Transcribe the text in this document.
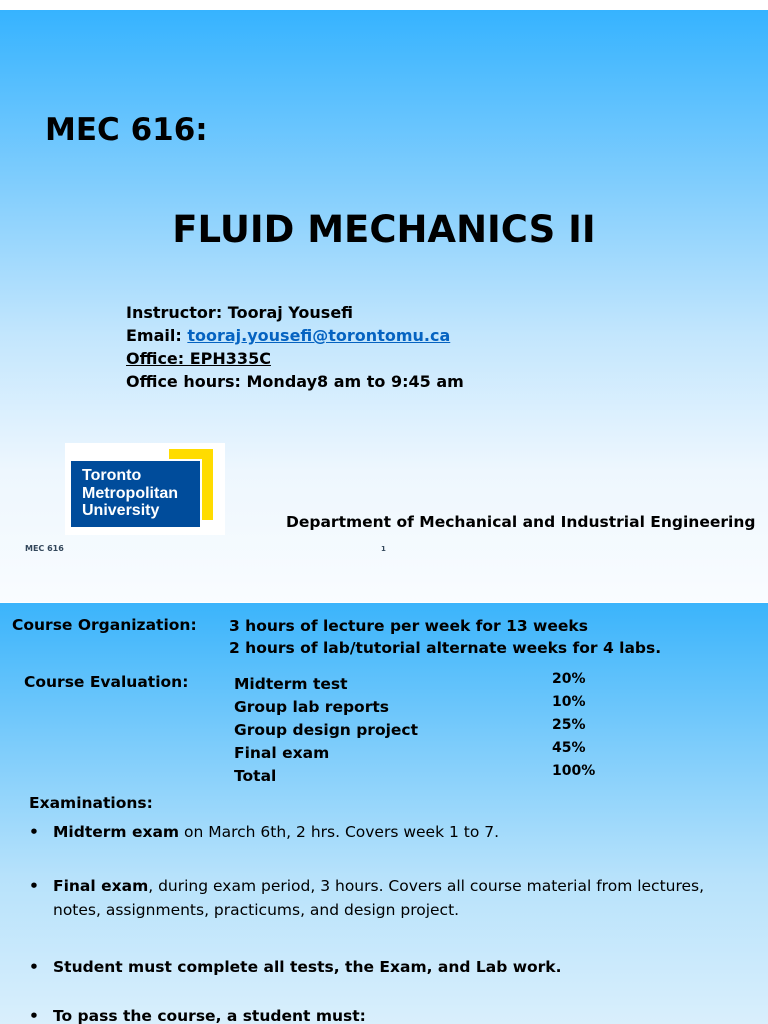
MEC 616:
FLUID MECHANICS II
Instructor: Tooraj Yousefi
Email: tooraj.yousefi@torontomu.ca
Office: EPH335C
Office hours: Monday8 am to 9:45 am
Toronto
Metropolitan
University
Department of Mechanical and Industrial Engineering
MEC 616	1
Course Organization: 3 hours of lecture per week for 13 weeks
2 hours of lab/tutorial alternate weeks for 4 labs.
Course Evaluation:	Midterm test	20%
Group lab reports	10%
Group design project	25%
Final exam	45%
Total	100%
Examinations:
• Midterm exam on March 6th, 2 hrs. Covers week 1 to 7.
• Final exam, during exam period, 3 hours. Covers all course material from lectures,
notes, assignments, practicums, and design project.
• Student must complete all tests, the Exam, and Lab work.
• To pass the course, a student must:
